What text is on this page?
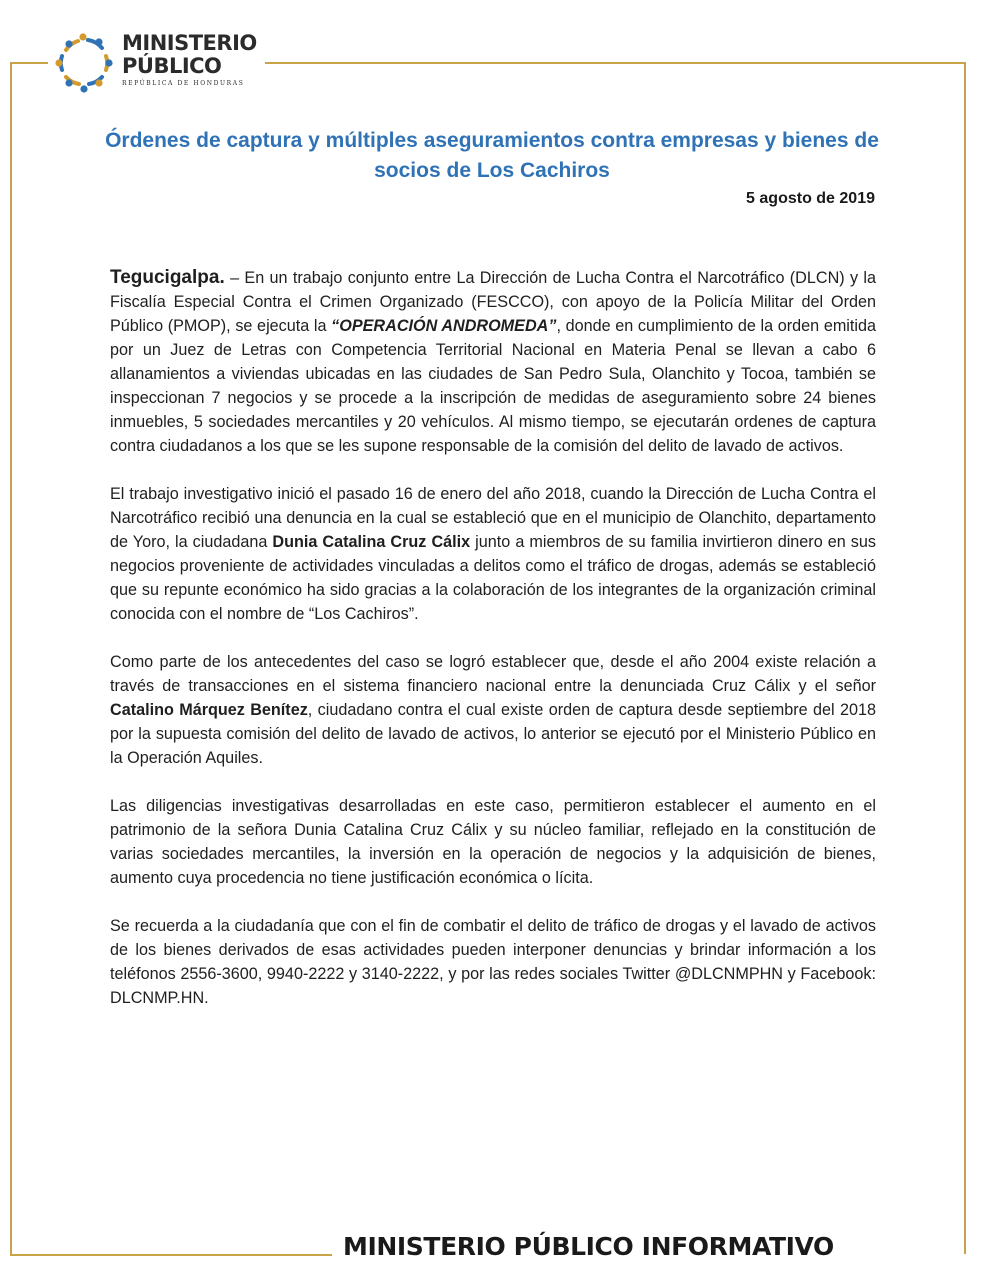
MINISTERIO
PÚBLICO
REPÚBLICA DE HONDURAS
Órdenes de captura y múltiples aseguramientos contra empresas y bienes de socios de Los Cachiros
5 agosto de 2019

Tegucigalpa. – En un trabajo conjunto entre La Dirección de Lucha Contra el Narcotráfico (DLCN) y la Fiscalía Especial Contra el Crimen Organizado (FESCCO), con apoyo de la Policía Militar del Orden Público (PMOP), se ejecuta la “OPERACIÓN ANDROMEDA”, donde en cumplimiento de la orden emitida por un Juez de Letras con Competencia Territorial Nacional en Materia Penal se llevan a cabo 6 allanamientos a viviendas ubicadas en las ciudades de San Pedro Sula, Olanchito y Tocoa, también se inspeccionan 7 negocios y se procede a la inscripción de medidas de aseguramiento sobre 24 bienes inmuebles, 5 sociedades mercantiles y 20 vehículos. Al mismo tiempo, se ejecutarán ordenes de captura contra ciudadanos a los que se les supone responsable de la comisión del delito de lavado de activos.

El trabajo investigativo inició el pasado 16 de enero del año 2018, cuando la Dirección de Lucha Contra el Narcotráfico recibió una denuncia en la cual se estableció que en el municipio de Olanchito, departamento de Yoro, la ciudadana Dunia Catalina Cruz Cálix junto a miembros de su familia invirtieron dinero en sus negocios proveniente de actividades vinculadas a delitos como el tráfico de drogas, además se estableció que su repunte económico ha sido gracias a la colaboración de los integrantes de la organización criminal conocida con el nombre de “Los Cachiros”.

Como parte de los antecedentes del caso se logró establecer que, desde el año 2004 existe relación a través de transacciones en el sistema financiero nacional entre la denunciada Cruz Cálix y el señor Catalino Márquez Benítez, ciudadano contra el cual existe orden de captura desde septiembre del 2018 por la supuesta comisión del delito de lavado de activos, lo anterior se ejecutó por el Ministerio Público en la Operación Aquiles.

Las diligencias investigativas desarrolladas en este caso, permitieron establecer el aumento en el patrimonio de la señora Dunia Catalina Cruz Cálix y su núcleo familiar, reflejado en la constitución de varias sociedades mercantiles, la inversión en la operación de negocios y la adquisición de bienes, aumento cuya procedencia no tiene justificación económica o lícita.

Se recuerda a la ciudadanía que con el fin de combatir el delito de tráfico de drogas y el lavado de activos de los bienes derivados de esas actividades pueden interponer denuncias y brindar información a los teléfonos 2556-3600, 9940-2222 y 3140-2222, y por las redes sociales Twitter @DLCNMPHN y Facebook: DLCNMP.HN.

MINISTERIO PÚBLICO INFORMATIVO
